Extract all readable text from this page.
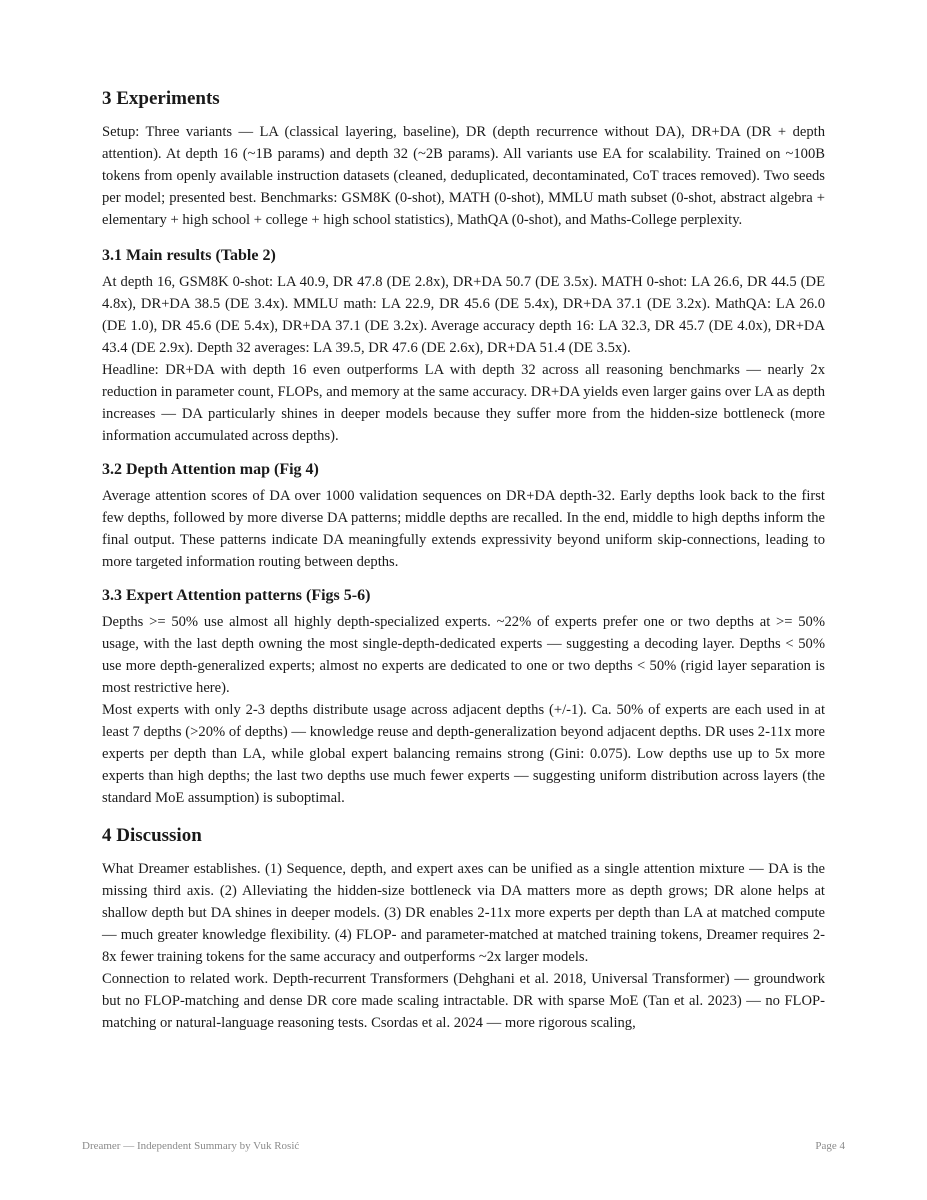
3 Experiments

Setup: Three variants — LA (classical layering, baseline), DR (depth recurrence without DA), DR+DA (DR + depth attention). At depth 16 (~1B params) and depth 32 (~2B params). All variants use EA for scalability. Trained on ~100B tokens from openly available instruction datasets (cleaned, deduplicated, decontaminated, CoT traces removed). Two seeds per model; presented best. Benchmarks: GSM8K (0-shot), MATH (0-shot), MMLU math subset (0-shot, abstract algebra + elementary + high school + college + high school statistics), MathQA (0-shot), and Maths-College perplexity.

3.1 Main results (Table 2)

At depth 16, GSM8K 0-shot: LA 40.9, DR 47.8 (DE 2.8x), DR+DA 50.7 (DE 3.5x). MATH 0-shot: LA 26.6, DR 44.5 (DE 4.8x), DR+DA 38.5 (DE 3.4x). MMLU math: LA 22.9, DR 45.6 (DE 5.4x), DR+DA 37.1 (DE 3.2x). MathQA: LA 26.0 (DE 1.0), DR 45.6 (DE 5.4x), DR+DA 37.1 (DE 3.2x). Average accuracy depth 16: LA 32.3, DR 45.7 (DE 4.0x), DR+DA 43.4 (DE 2.9x). Depth 32 averages: LA 39.5, DR 47.6 (DE 2.6x), DR+DA 51.4 (DE 3.5x).

Headline: DR+DA with depth 16 even outperforms LA with depth 32 across all reasoning benchmarks — nearly 2x reduction in parameter count, FLOPs, and memory at the same accuracy. DR+DA yields even larger gains over LA as depth increases — DA particularly shines in deeper models because they suffer more from the hidden-size bottleneck (more information accumulated across depths).

3.2 Depth Attention map (Fig 4)

Average attention scores of DA over 1000 validation sequences on DR+DA depth-32. Early depths look back to the first few depths, followed by more diverse DA patterns; middle depths are recalled. In the end, middle to high depths inform the final output. These patterns indicate DA meaningfully extends expressivity beyond uniform skip-connections, leading to more targeted information routing between depths.

3.3 Expert Attention patterns (Figs 5-6)

Depths >= 50% use almost all highly depth-specialized experts. ~22% of experts prefer one or two depths at >= 50% usage, with the last depth owning the most single-depth-dedicated experts — suggesting a decoding layer. Depths < 50% use more depth-generalized experts; almost no experts are dedicated to one or two depths < 50% (rigid layer separation is most restrictive here).

Most experts with only 2-3 depths distribute usage across adjacent depths (+/-1). Ca. 50% of experts are each used in at least 7 depths (>20% of depths) — knowledge reuse and depth-generalization beyond adjacent depths. DR uses 2-11x more experts per depth than LA, while global expert balancing remains strong (Gini: 0.075). Low depths use up to 5x more experts than high depths; the last two depths use much fewer experts — suggesting uniform distribution across layers (the standard MoE assumption) is suboptimal.

4 Discussion

What Dreamer establishes. (1) Sequence, depth, and expert axes can be unified as a single attention mixture — DA is the missing third axis. (2) Alleviating the hidden-size bottleneck via DA matters more as depth grows; DR alone helps at shallow depth but DA shines in deeper models. (3) DR enables 2-11x more experts per depth than LA at matched compute — much greater knowledge flexibility. (4) FLOP- and parameter-matched at matched training tokens, Dreamer requires 2-8x fewer training tokens for the same accuracy and outperforms ~2x larger models.

Connection to related work. Depth-recurrent Transformers (Dehghani et al. 2018, Universal Transformer) — groundwork but no FLOP-matching and dense DR core made scaling intractable. DR with sparse MoE (Tan et al. 2023) — no FLOP-matching or natural-language reasoning tests. Csordas et al. 2024 — more rigorous scaling,

Dreamer — Independent Summary by Vuk Rosić	Page 4
